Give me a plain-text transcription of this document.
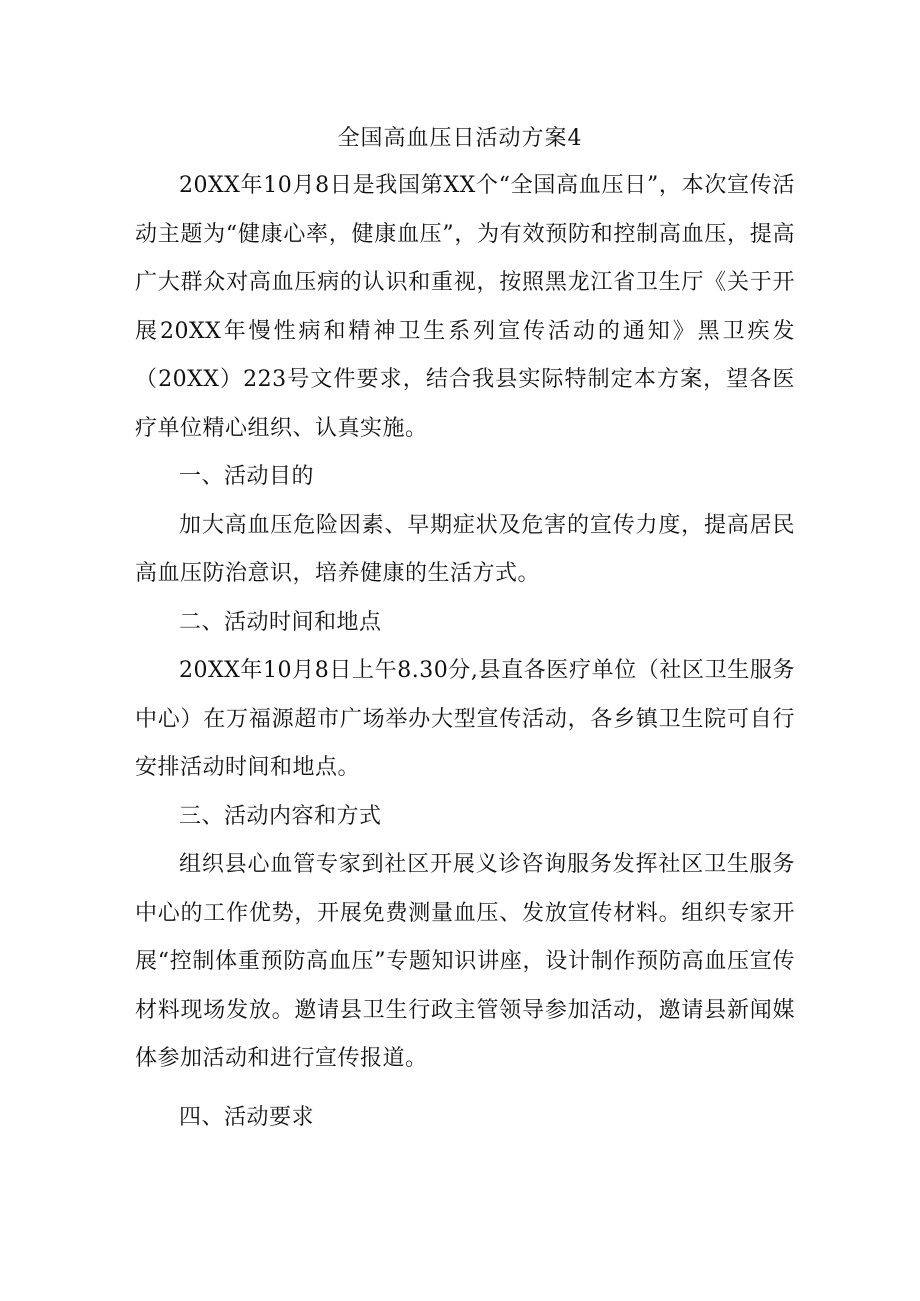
全国高血压日活动方案4

20XX年10月8日是我国第XX个“全国高血压日”，本次宣传活动主题为“健康心率，健康血压”，为有效预防和控制高血压，提高广大群众对高血压病的认识和重视，按照黑龙江省卫生厅《关于开展20XX年慢性病和精神卫生系列宣传活动的通知》黑卫疾发（20XX）223号文件要求，结合我县实际特制定本方案，望各医疗单位精心组织、认真实施。

一、活动目的

加大高血压危险因素、早期症状及危害的宣传力度，提高居民高血压防治意识，培养健康的生活方式。

二、活动时间和地点

20XX年10月8日上午8.30分,县直各医疗单位（社区卫生服务中心）在万福源超市广场举办大型宣传活动，各乡镇卫生院可自行安排活动时间和地点。

三、活动内容和方式

组织县心血管专家到社区开展义诊咨询服务发挥社区卫生服务中心的工作优势，开展免费测量血压、发放宣传材料。组织专家开展“控制体重预防高血压”专题知识讲座，设计制作预防高血压宣传材料现场发放。邀请县卫生行政主管领导参加活动，邀请县新闻媒体参加活动和进行宣传报道。

四、活动要求
